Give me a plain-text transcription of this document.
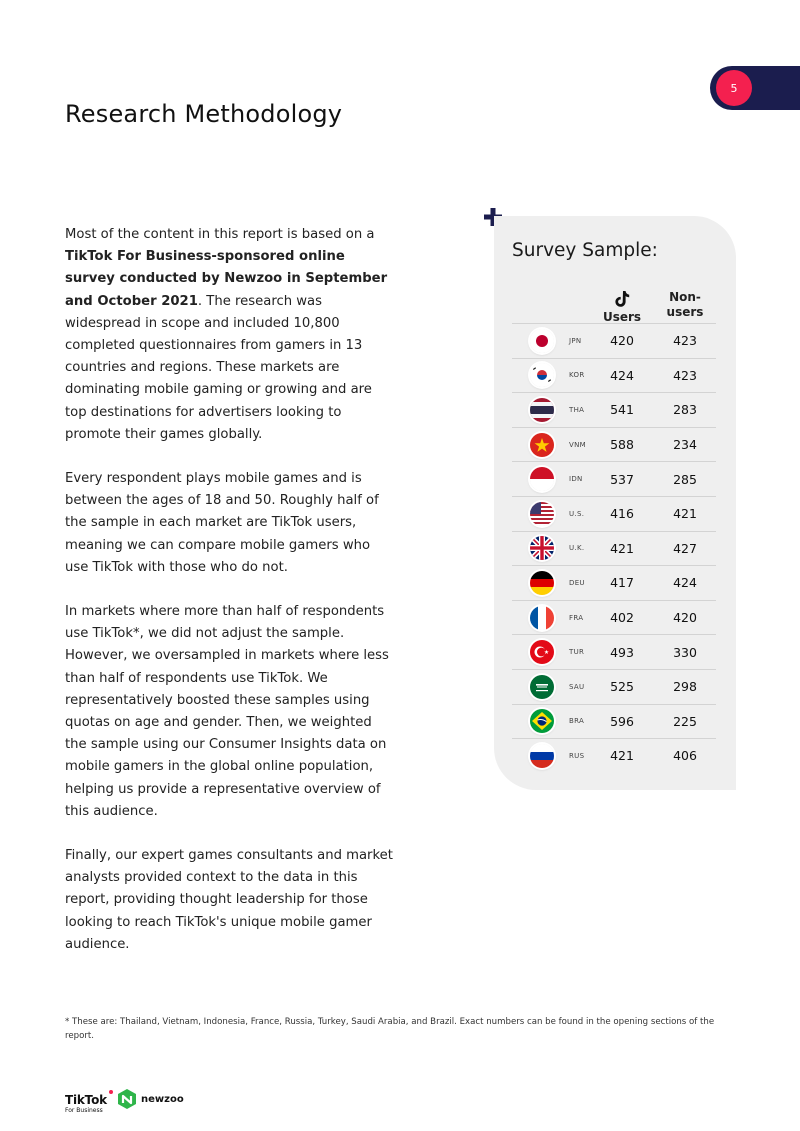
5
Research Methodology

Most of the content in this report is based on a TikTok For Business-sponsored online survey conducted by Newzoo in September and October 2021. The research was widespread in scope and included 10,800 completed questionnaires from gamers in 13 countries and regions. These markets are dominating mobile gaming or growing and are top destinations for advertisers looking to promote their games globally.

Every respondent plays mobile games and is between the ages of 18 and 50. Roughly half of the sample in each market are TikTok users, meaning we can compare mobile gamers who use TikTok with those who do not.

In markets where more than half of respondents use TikTok*, we did not adjust the sample. However, we oversampled in markets where less than half of respondents use TikTok. We representatively boosted these samples using quotas on age and gender. Then, we weighted the sample using our Consumer Insights data on mobile gamers in the global online population, helping us provide a representative overview of this audience.

Finally, our expert games consultants and market analysts provided context to the data in this report, providing thought leadership for those looking to reach TikTok's unique mobile gamer audience.

Survey Sample:
Users
Non-users
JPN	420	423
KOR	424	423
THA	541	283
VNM	588	234
IDN	537	285
U.S.	416	421
U.K.	421	427
DEU	417	424
FRA	402	420
TUR	493	330
SAU	525	298
BRA	596	225
RUS	421	406
* These are: Thailand, Vietnam, Indonesia, France, Russia, Turkey, Saudi Arabia, and Brazil. Exact numbers can be found in the opening sections of the report.
TikTok
For Business
newzoo
